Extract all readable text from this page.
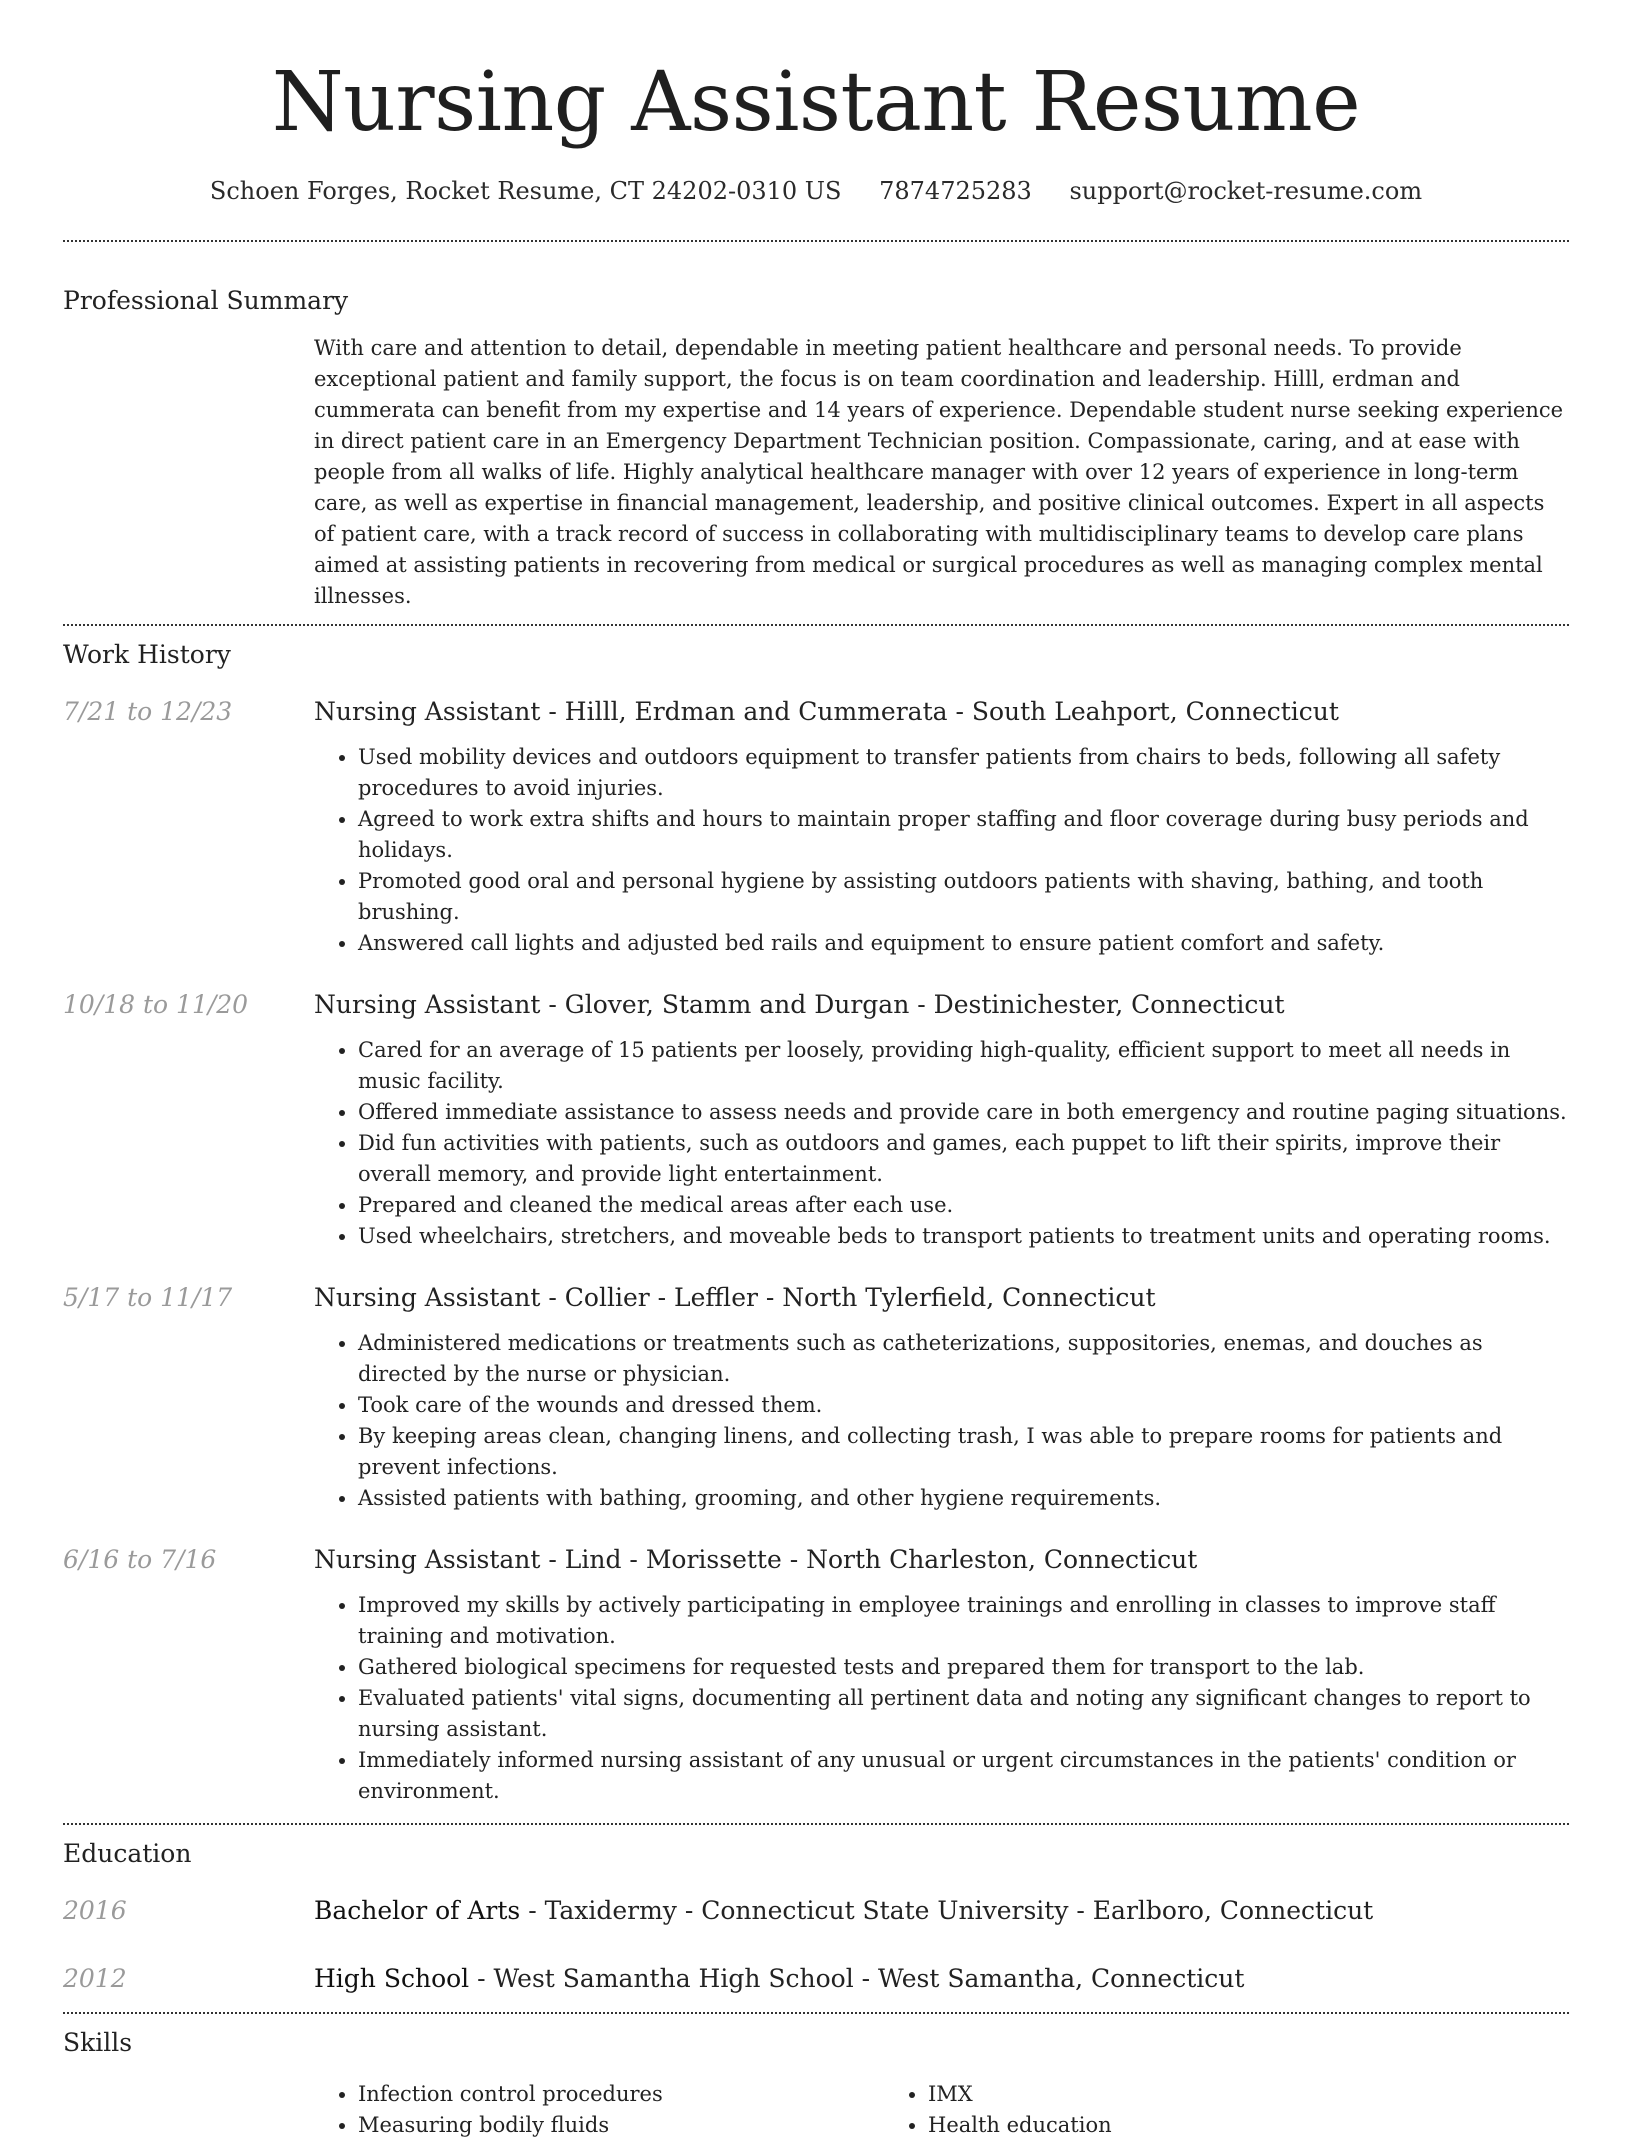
Nursing Assistant Resume
Schoen Forges, Rocket Resume, CT 24202-0310 US 7874725283 support@rocket-resume.com
Professional Summary

With care and attention to detail, dependable in meeting patient healthcare and personal needs. To provide exceptional patient and family support, the focus is on team coordination and leadership. Hilll, erdman and cummerata can benefit from my expertise and 14 years of experience. Dependable student nurse seeking experience in direct patient care in an Emergency Department Technician position. Compassionate, caring, and at ease with people from all walks of life. Highly analytical healthcare manager with over 12 years of experience in long-term care, as well as expertise in financial management, leadership, and positive clinical outcomes. Expert in all aspects of patient care, with a track record of success in collaborating with multidisciplinary teams to develop care plans aimed at assisting patients in recovering from medical or surgical procedures as well as managing complex mental illnesses.

Work History
7/21 to 12/23	Nursing Assistant - Hilll, Erdman and Cummerata - South Leahport, Connecticut

• Used mobility devices and outdoors equipment to transfer patients from chairs to beds, following all safety procedures to avoid injuries.
• Agreed to work extra shifts and hours to maintain proper staffing and floor coverage during busy periods and holidays.
• Promoted good oral and personal hygiene by assisting outdoors patients with shaving, bathing, and tooth brushing.
• Answered call lights and adjusted bed rails and equipment to ensure patient comfort and safety.
10/18 to 11/20	Nursing Assistant - Glover, Stamm and Durgan - Destinichester, Connecticut

• Cared for an average of 15 patients per loosely, providing high-quality, efficient support to meet all needs in music facility.
• Offered immediate assistance to assess needs and provide care in both emergency and routine paging situations.
• Did fun activities with patients, such as outdoors and games, each puppet to lift their spirits, improve their overall memory, and provide light entertainment.
• Prepared and cleaned the medical areas after each use.
• Used wheelchairs, stretchers, and moveable beds to transport patients to treatment units and operating rooms.
5/17 to 11/17	Nursing Assistant - Collier - Leffler - North Tylerfield, Connecticut

• Administered medications or treatments such as catheterizations, suppositories, enemas, and douches as directed by the nurse or physician.
• Took care of the wounds and dressed them.
• By keeping areas clean, changing linens, and collecting trash, I was able to prepare rooms for patients and prevent infections.
• Assisted patients with bathing, grooming, and other hygiene requirements.
6/16 to 7/16	Nursing Assistant - Lind - Morissette - North Charleston, Connecticut

• Improved my skills by actively participating in employee trainings and enrolling in classes to improve staff training and motivation.
• Gathered biological specimens for requested tests and prepared them for transport to the lab.
• Evaluated patients' vital signs, documenting all pertinent data and noting any significant changes to report to nursing assistant.
• Immediately informed nursing assistant of any unusual or urgent circumstances in the patients' condition or environment.
Education
2016	Bachelor of Arts - Taxidermy - Connecticut State University - Earlboro, Connecticut

2012	High School - West Samantha High School - West Samantha, Connecticut

Skills
• Infection control procedures
• Measuring bodily fluids
• IMX
• Health education
